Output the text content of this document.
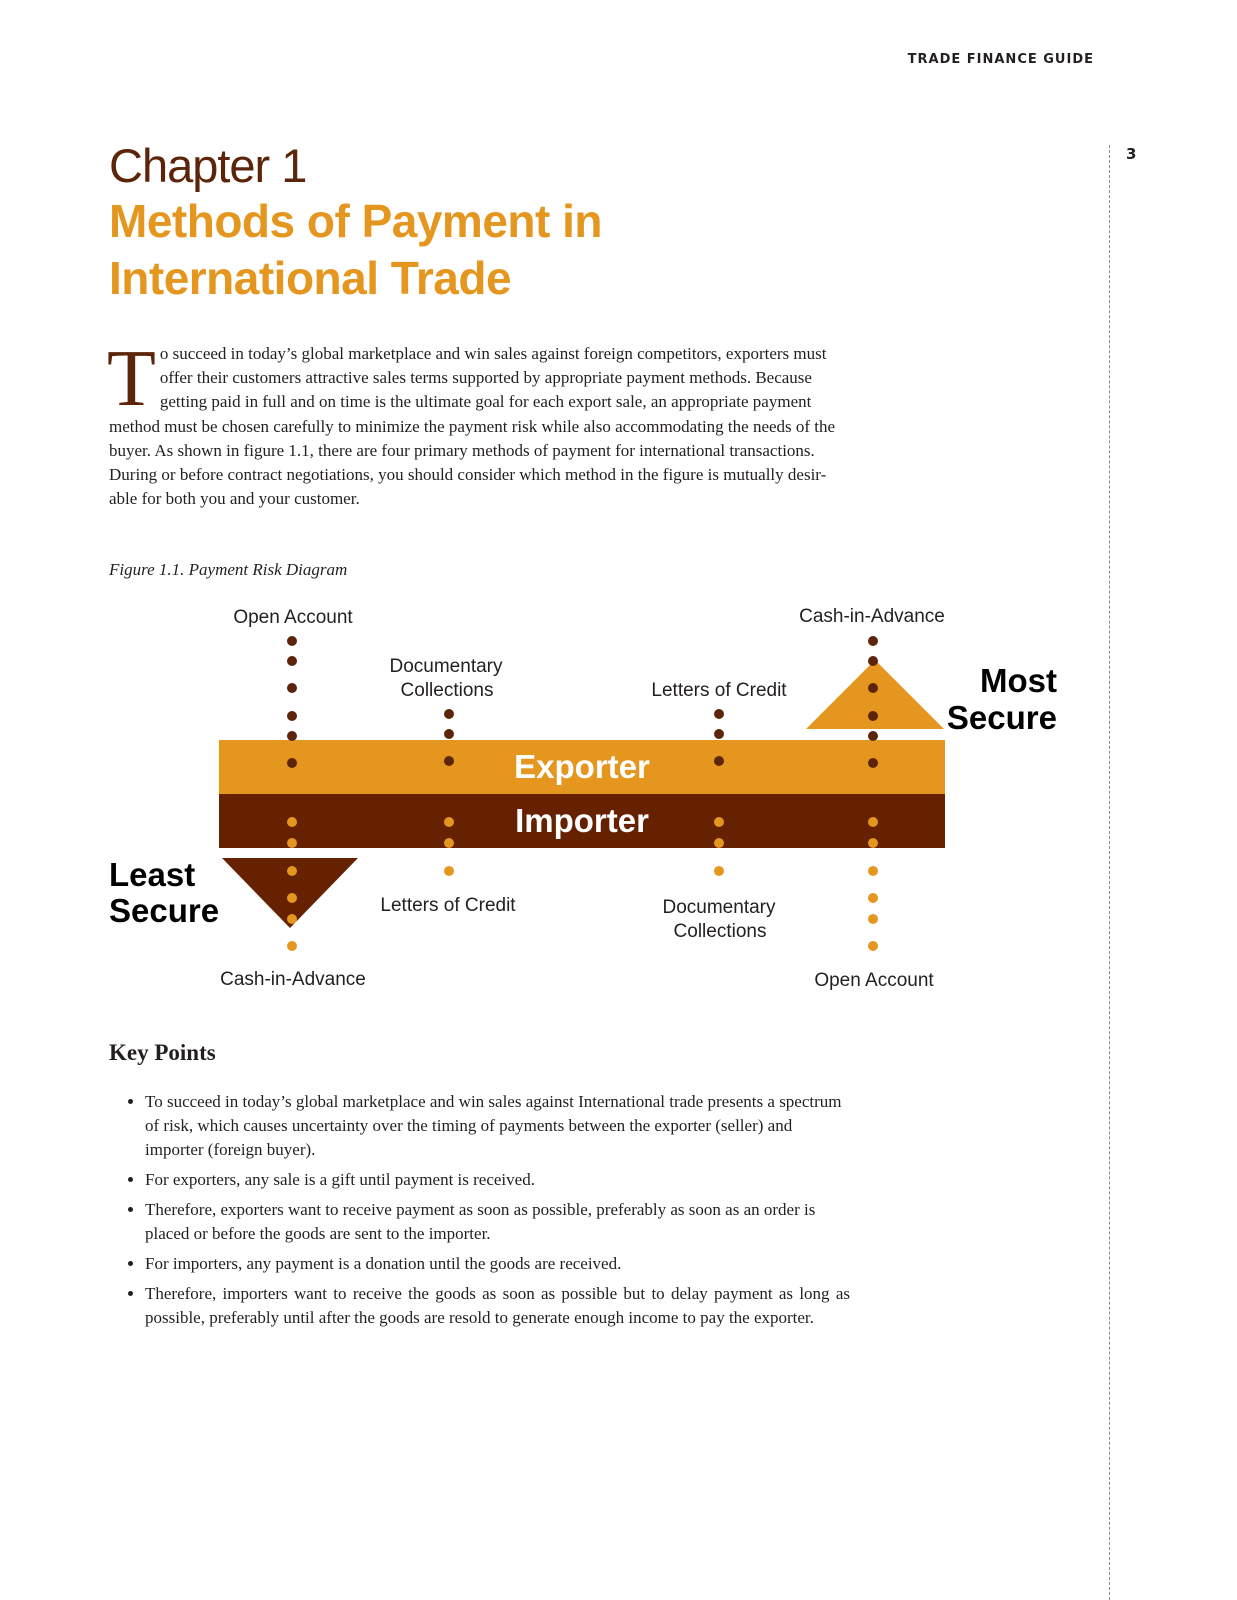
TRADE FINANCE GUIDE
3
Chapter 1
Methods of Payment in
International Trade

To succeed in today’s global marketplace and win sales against foreign competitors, exporters must offer their customers attractive sales terms supported by appropriate payment methods. Because getting paid in full and on time is the ultimate goal for each export sale, an appropriate payment method must be chosen carefully to minimize the payment risk while also accommodating the needs of the buyer. As shown in figure 1.1, there are four primary methods of payment for international transactions. During or before contract negotiations, you should consider which method in the figure is mutually desir-able for both you and your customer.

Figure 1.1. Payment Risk Diagram
Exporter
Importer
Open Account
Documentary
Collections	Letters of Credit
Cash-in-Advance
Cash-in-Advance
Letters of Credit	Documentary
Collections
Open Account
Most
Secure
Least
Secure
Key Points
• To succeed in today’s global marketplace and win sales against International trade presents a spectrum of risk, which causes uncertainty over the timing of payments between the exporter (seller) and importer (foreign buyer).
• For exporters, any sale is a gift until payment is received.
• Therefore, exporters want to receive payment as soon as possible, preferably as soon as an order is placed or before the goods are sent to the importer.
• For importers, any payment is a donation until the goods are received.
• Therefore, importers want to receive the goods as soon as possible but to delay payment as long as possible, preferably until after the goods are resold to generate enough income to pay the exporter.
